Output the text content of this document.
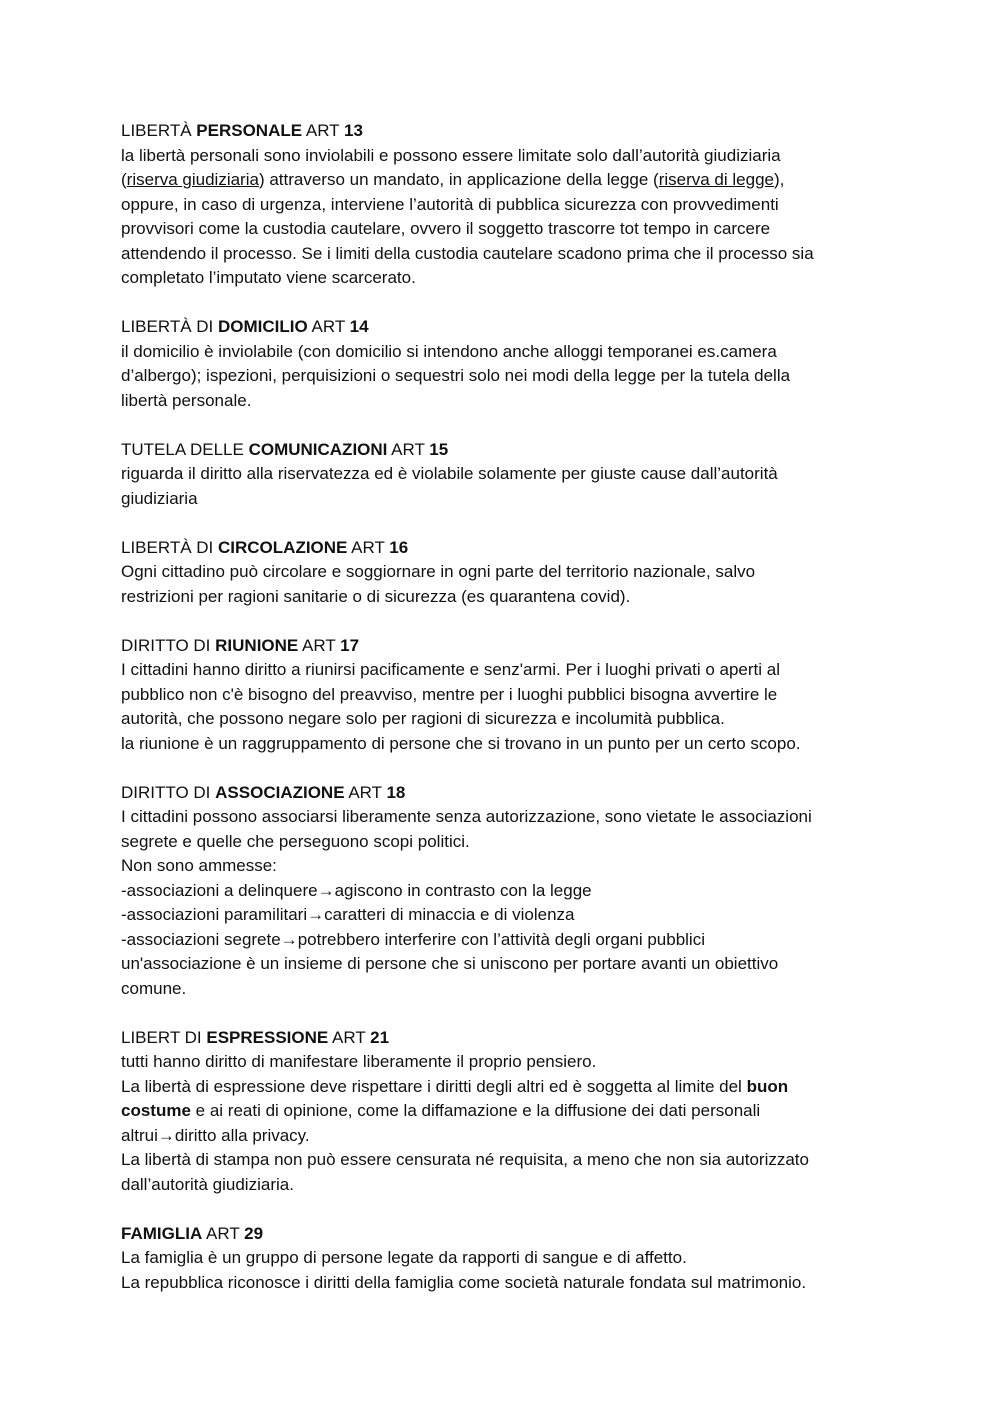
LIBERTÀ PERSONALE ART 13
la libertà personali sono inviolabili e possono essere limitate solo dall’autorità giudiziaria
(riserva giudiziaria) attraverso un mandato, in applicazione della legge (riserva di legge),
oppure, in caso di urgenza, interviene l’autorità di pubblica sicurezza con provvedimenti
provvisori come la custodia cautelare, ovvero il soggetto trascorre tot tempo in carcere
attendendo il processo. Se i limiti della custodia cautelare scadono prima che il processo sia
completato l’imputato viene scarcerato.
LIBERTÀ DI DOMICILIO ART 14
il domicilio è inviolabile (con domicilio si intendono anche alloggi temporanei es.camera
d’albergo); ispezioni, perquisizioni o sequestri solo nei modi della legge per la tutela della
libertà personale.
TUTELA DELLE COMUNICAZIONI ART 15
riguarda il diritto alla riservatezza ed è violabile solamente per giuste cause dall’autorità
giudiziaria
LIBERTÀ DI CIRCOLAZIONE ART 16
Ogni cittadino può circolare e soggiornare in ogni parte del territorio nazionale, salvo
restrizioni per ragioni sanitarie o di sicurezza (es quarantena covid).
DIRITTO DI RIUNIONE ART 17
I cittadini hanno diritto a riunirsi pacificamente e senz'armi. Per i luoghi privati o aperti al
pubblico non c'è bisogno del preavviso, mentre per i luoghi pubblici bisogna avvertire le
autorità, che possono negare solo per ragioni di sicurezza e incolumità pubblica.
la riunione è un raggruppamento di persone che si trovano in un punto per un certo scopo.
DIRITTO DI ASSOCIAZIONE ART 18
I cittadini possono associarsi liberamente senza autorizzazione, sono vietate le associazioni
segrete e quelle che perseguono scopi politici.
Non sono ammesse:
-associazioni a delinquere→agiscono in contrasto con la legge
-associazioni paramilitari→caratteri di minaccia e di violenza
-associazioni segrete→potrebbero interferire con l’attività degli organi pubblici
un'associazione è un insieme di persone che si uniscono per portare avanti un obiettivo
comune.
LIBERT DI ESPRESSIONE ART 21
tutti hanno diritto di manifestare liberamente il proprio pensiero.
La libertà di espressione deve rispettare i diritti degli altri ed è soggetta al limite del buon
costume e ai reati di opinione, come la diffamazione e la diffusione dei dati personali
altrui→diritto alla privacy.
La libertà di stampa non può essere censurata né requisita, a meno che non sia autorizzato
dall’autorità giudiziaria.
FAMIGLIA ART 29
La famiglia è un gruppo di persone legate da rapporti di sangue e di affetto.
La repubblica riconosce i diritti della famiglia come società naturale fondata sul matrimonio.
